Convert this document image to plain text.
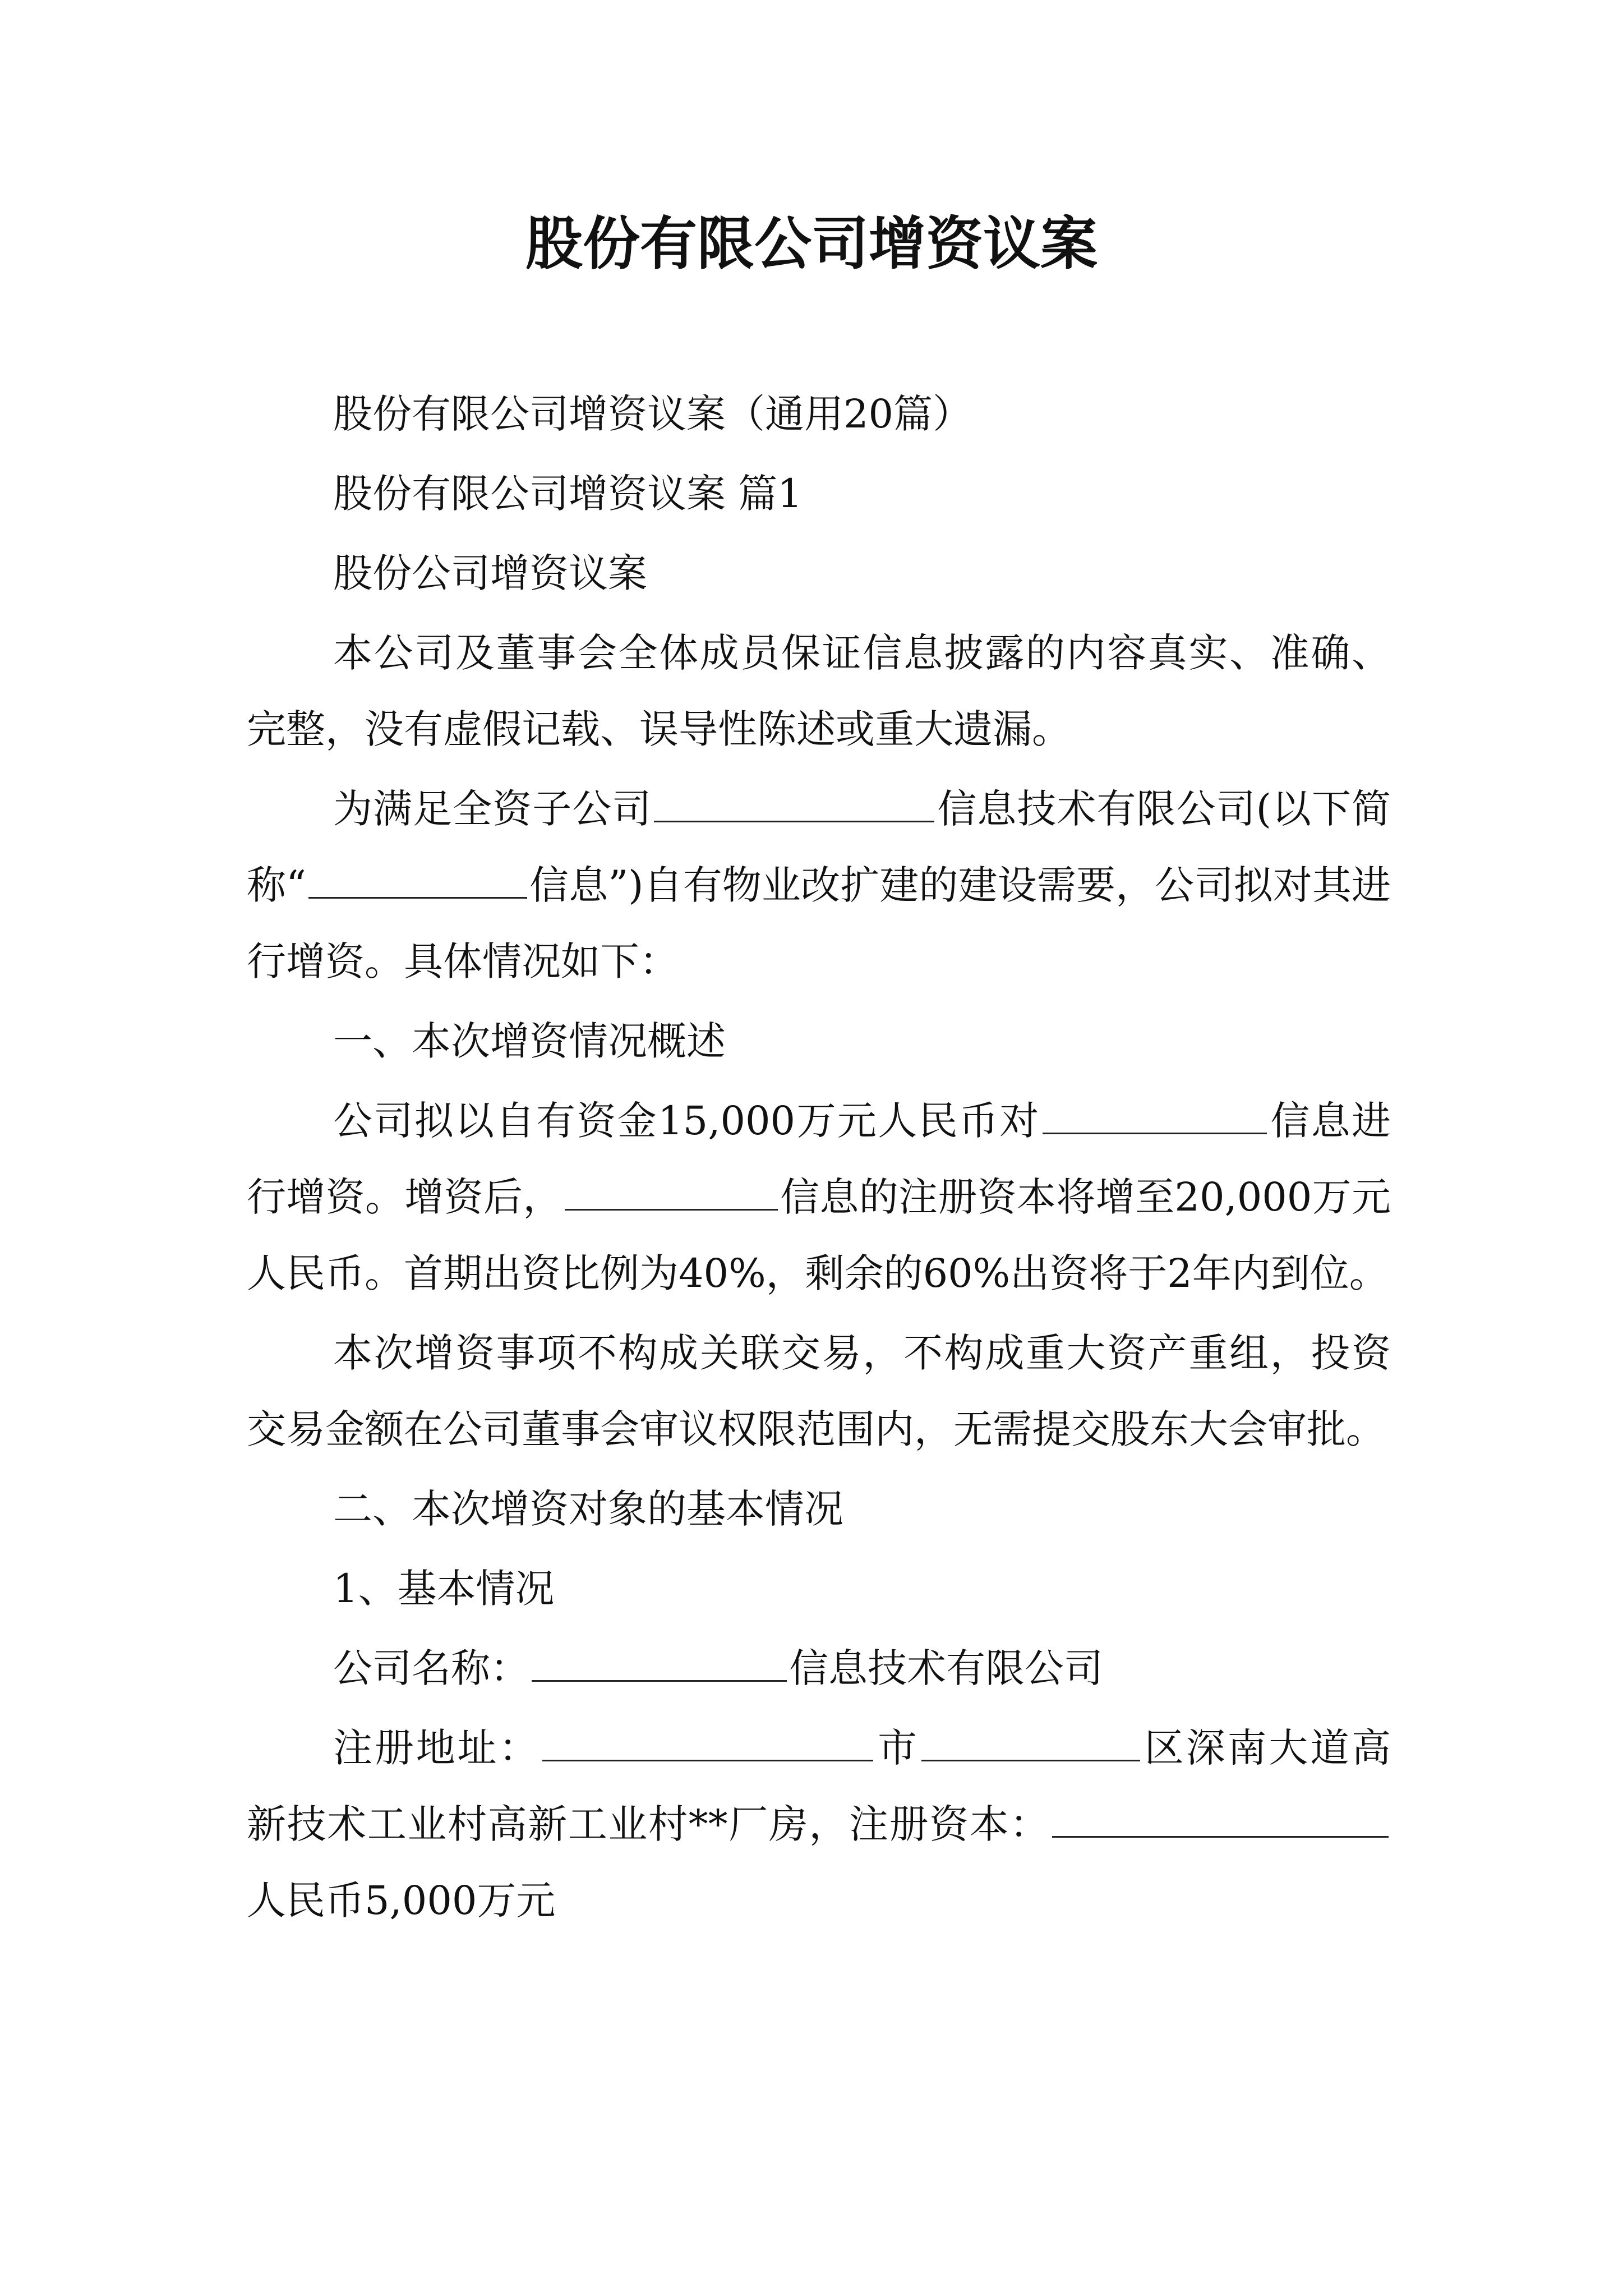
股份有限公司增资议案

股份有限公司增资议案（通用20篇）

股份有限公司增资议案 篇1

股份公司增资议案

本公司及董事会全体成员保证信息披露的内容真实、准确、完整，没有虚假记载、误导性陈述或重大遗漏。

为满足全资子公司	信息技术有限公司(以下简称“	信息”)自有物业改扩建的建设需要，公司拟对其进行增资。具体情况如下：

一、本次增资情况概述

公司拟以自有资金15,000万元人民币对	信息进行增资。增资后，	信息的注册资本将增至20,000万元人民币。首期出资比例为40%，剩余的60%出资将于2年内到位。

本次增资事项不构成关联交易，不构成重大资产重组，投资交易金额在公司董事会审议权限范围内，无需提交股东大会审批。

二、本次增资对象的基本情况

1、基本情况

公司名称：	信息技术有限公司

注册地址：	市	区深南大道高新技术工业村高新工业村**厂房，注册资本：人民币5,000万元
